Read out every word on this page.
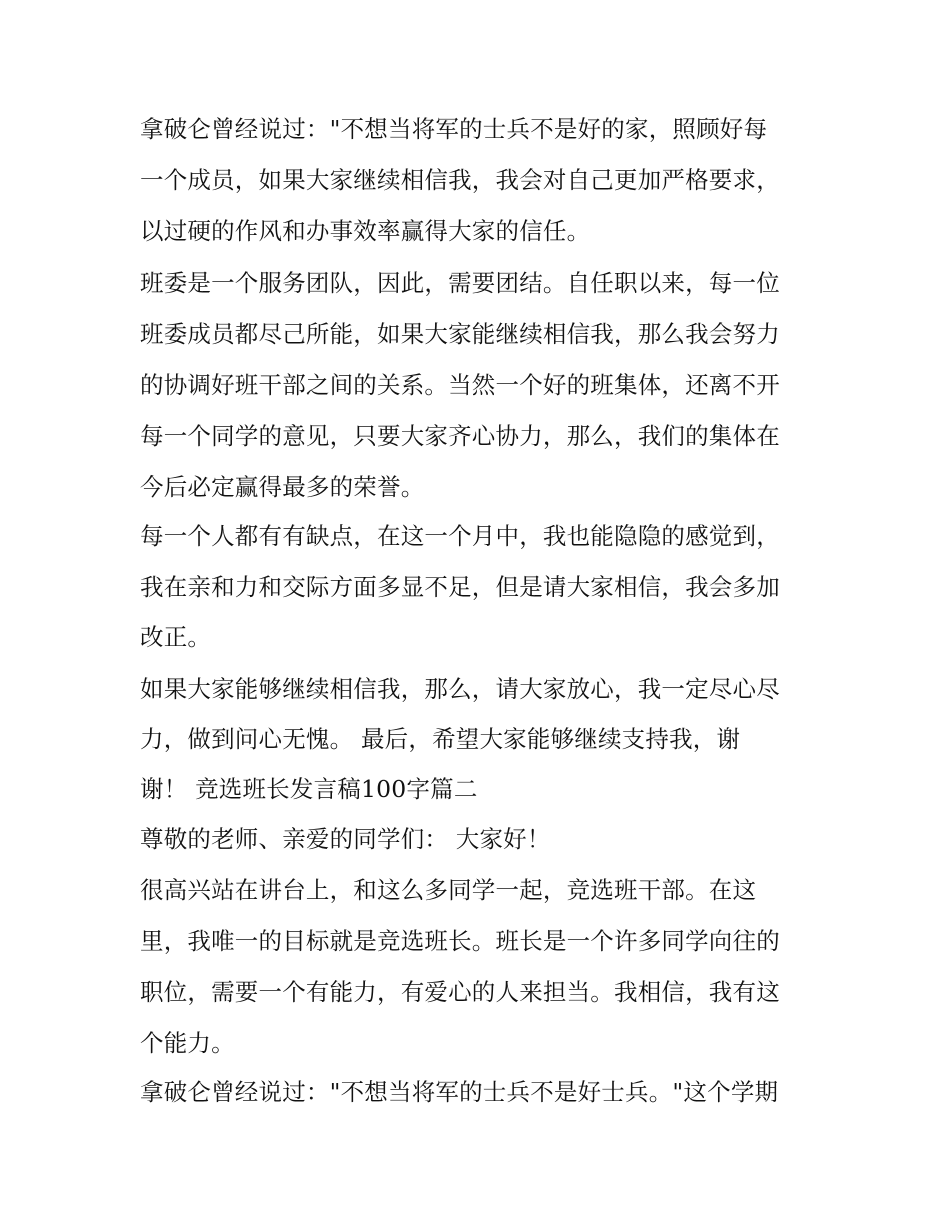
拿破仑曾经说过："不想当将军的士兵不是好的家，照顾好每
一个成员，如果大家继续相信我，我会对自己更加严格要求，
以过硬的作风和办事效率赢得大家的信任。
班委是一个服务团队，因此，需要团结。自任职以来，每一位
班委成员都尽己所能，如果大家能继续相信我，那么我会努力
的协调好班干部之间的关系。当然一个好的班集体，还离不开
每一个同学的意见，只要大家齐心协力，那么，我们的集体在
今后必定赢得最多的荣誉。
每一个人都有有缺点，在这一个月中，我也能隐隐的感觉到，
我在亲和力和交际方面多显不足，但是请大家相信，我会多加
改正。
如果大家能够继续相信我，那么，请大家放心，我一定尽心尽
力，做到问心无愧。 最后，希望大家能够继续支持我，谢
谢！ 竞选班长发言稿100字篇二
尊敬的老师、亲爱的同学们： 大家好！
很高兴站在讲台上，和这么多同学一起，竞选班干部。在这
里，我唯一的目标就是竞选班长。班长是一个许多同学向往的
职位，需要一个有能力，有爱心的人来担当。我相信，我有这
个能力。
拿破仑曾经说过："不想当将军的士兵不是好士兵。"这个学期
